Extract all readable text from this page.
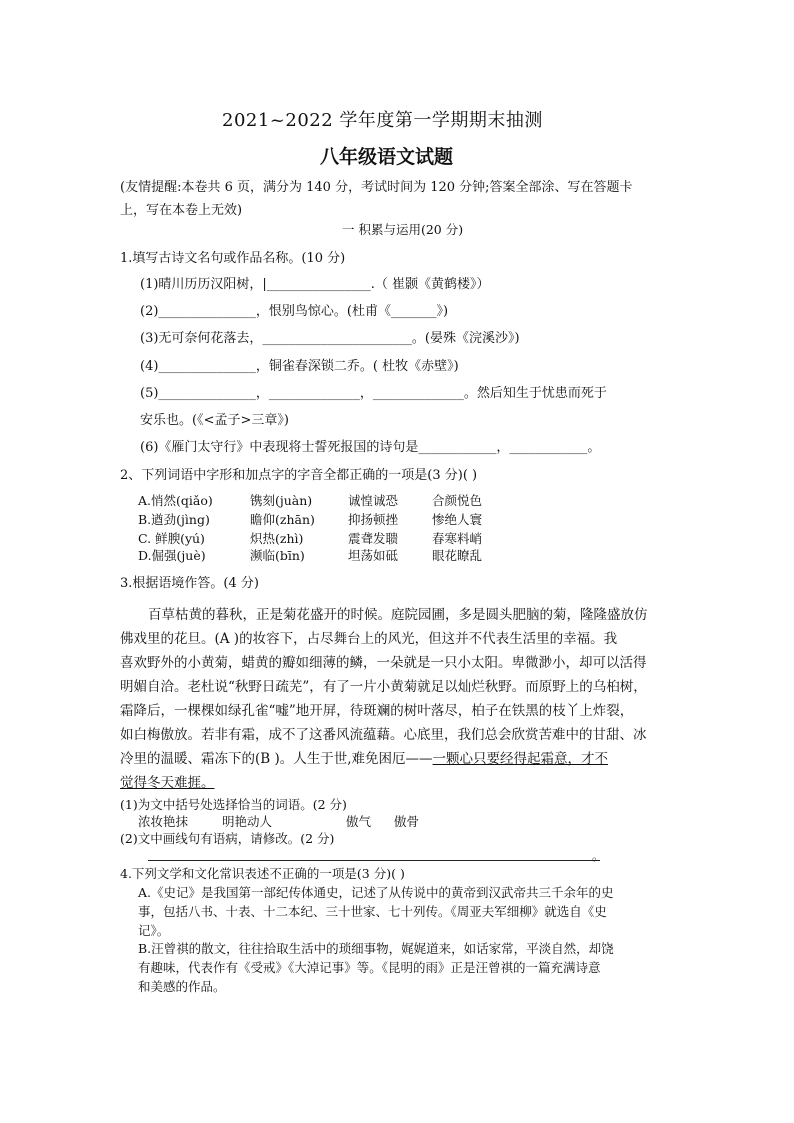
2021~2022 学年度第一学期期末抽测
八年级语文试题
(友情提醒:本卷共 6 页，满分为 140 分，考试时间为 120 分钟;答案全部涂、写在答题卡
上，写在本卷上无效)
一 积累与运用(20 分)
1.填写古诗文名句或作品名称。(10 分)
(1)晴川历历汉阳树，|________________.（ 崔颢《黄鹤楼》）
(2)_______________，恨别鸟惊心。(杜甫《_______》)
(3)无可奈何花落去，_______________________。(晏殊《浣溪沙》)
(4)_______________，铜雀春深锁二乔。( 杜牧《赤壁》)
(5)_______________，______________，______________。然后知生于忧患而死于
安乐也。(《<孟子>三章》)
(6)《雁门太守行》中表现将士誓死报国的诗句是____________，____________。
2、下列词语中字形和加点字的字音全都正确的一项是(3 分)( )
A.悄然(qiǎo)	镌刻(juàn)	诚惶诚恐	合颜悦色
B.遒劲(jìng)	瞻仰(zhān)	抑扬顿挫	惨绝人寰
C. 鲜腴(yú)	炽热(zhì)	震聋发聩	春寒料峭
D.倔强(juè)	濒临(bīn)	坦荡如砥	眼花瞭乱
3.根据语境作答。(4 分)
百草枯黄的暮秋，正是菊花盛开的时候。庭院园圃，多是圆头肥脑的菊，隆隆盛放仿
佛戏里的花旦。(A )的妆容下，占尽舞台上的风光，但这并不代表生活里的幸福。我
喜欢野外的小黄菊，蜡黄的瓣如细薄的鳞，一朵就是一只小太阳。卑微渺小，却可以活得
明媚自洽。老杜说“秋野日疏芜”，有了一片小黄菊就足以灿烂秋野。而原野上的乌桕树，
霜降后，一棵棵如绿孔雀“嘘”地开屏，待斑斓的树叶落尽，柏子在铁黑的枝丫上炸裂，
如白梅傲放。若非有霜，成不了这番风流蕴藉。心底里，我们总会欣赏苦难中的甘甜、冰
冷里的温暖、霜冻下的(B )。人生于世,难免困厄——一颗心只要经得起霜意，才不
觉得冬天难捱。
(1)为文中括号处选择恰当的词语。(2 分)
浓妆艳抹	明艳动人	傲气 傲骨
(2)文中画线句有语病，请修改。(2 分)
。
4.下列文学和文化常识表述不正确的一项是(3 分)( )
A.《史记》是我国第一部纪传体通史，记述了从传说中的黄帝到汉武帝共三千余年的史
事，包括八书、十表、十二本纪、三十世家、七十列传。《周亚夫军细柳》就选自《史
记》。
B.汪曾祺的散文，往往拾取生活中的琐细事物，娓娓道来，如话家常，平淡自然，却饶
有趣味，代表作有《受戒》《大淖记事》等。《昆明的雨》正是汪曾祺的一篇充满诗意
和美感的作品。
